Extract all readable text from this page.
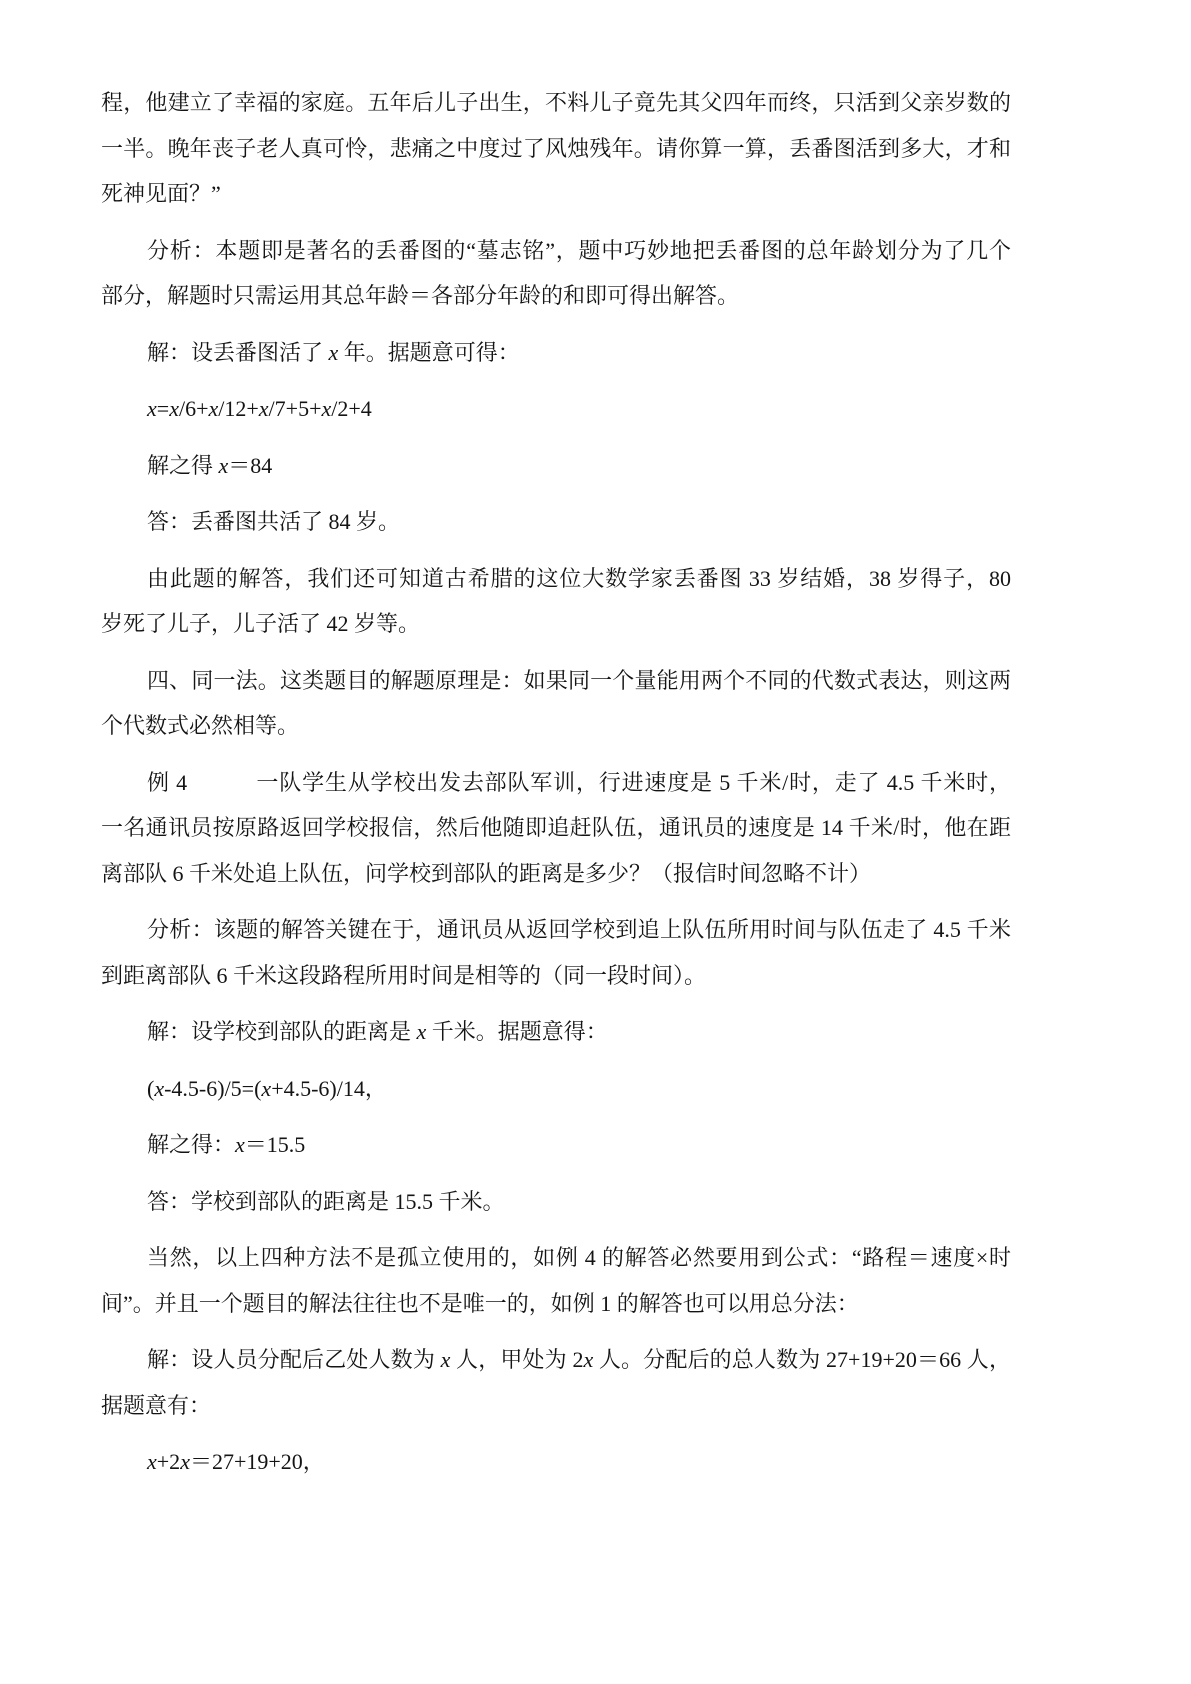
程，他建立了幸福的家庭。五年后儿子出生，不料儿子竟先其父四年而终，只活到父亲岁数的
一半。晚年丧子老人真可怜，悲痛之中度过了风烛残年。请你算一算，丢番图活到多大，才和
死神见面？”
分析：本题即是著名的丢番图的“墓志铭”，题中巧妙地把丢番图的总年龄划分为了几个
部分，解题时只需运用其总年龄＝各部分年龄的和即可得出解答。
解：设丢番图活了 x 年。据题意可得：
x=x/6+x/12+x/7+5+x/2+4
解之得 x＝84
答：丢番图共活了 84 岁。
由此题的解答，我们还可知道古希腊的这位大数学家丢番图 33 岁结婚，38 岁得子，80
岁死了儿子，儿子活了 42 岁等。
四、同一法。这类题目的解题原理是：如果同一个量能用两个不同的代数式表达，则这两
个代数式必然相等。
例 4　　　一队学生从学校出发去部队军训，行进速度是 5 千米/时，走了 4.5 千米时，
一名通讯员按原路返回学校报信，然后他随即追赶队伍，通讯员的速度是 14 千米/时，他在距
离部队 6 千米处追上队伍，问学校到部队的距离是多少？（报信时间忽略不计）
分析：该题的解答关键在于，通讯员从返回学校到追上队伍所用时间与队伍走了 4.5 千米
到距离部队 6 千米这段路程所用时间是相等的（同一段时间）。
解：设学校到部队的距离是 x 千米。据题意得：
(x-4.5-6)/5=(x+4.5-6)/14，
解之得：x＝15.5
答：学校到部队的距离是 15.5 千米。
当然，以上四种方法不是孤立使用的，如例 4 的解答必然要用到公式：“路程＝速度×时
间”。并且一个题目的解法往往也不是唯一的，如例 1 的解答也可以用总分法：
解：设人员分配后乙处人数为 x 人，甲处为 2x 人。分配后的总人数为 27+19+20＝66 人，
据题意有：
x+2x＝27+19+20，
